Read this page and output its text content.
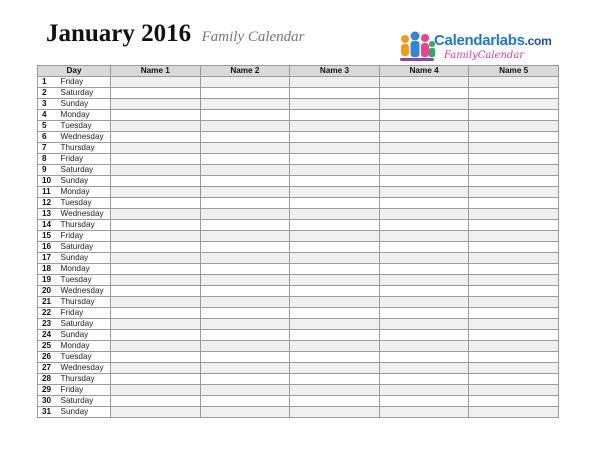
January 2016 Family Calendar	Calendarlabs.com
FamilyCalendar
Day		Name 1	Name 2	Name 3	Name 4	Name 5
1	Friday					
2	Saturday					
3	Sunday					
4	Monday					
5	Tuesday					
6	Wednesday					
7	Thursday					
8	Friday					
9	Saturday					
10	Sunday					
11	Monday					
12	Tuesday					
13	Wednesday					
14	Thursday					
15	Friday					
16	Saturday					
17	Sunday					
18	Monday					
19	Tuesday					
20	Wednesday					
21	Thursday					
22	Friday					
23	Saturday					
24	Sunday					
25	Monday					
26	Tuesday					
27	Wednesday					
28	Thursday					
29	Friday					
30	Saturday					
31	Sunday					
